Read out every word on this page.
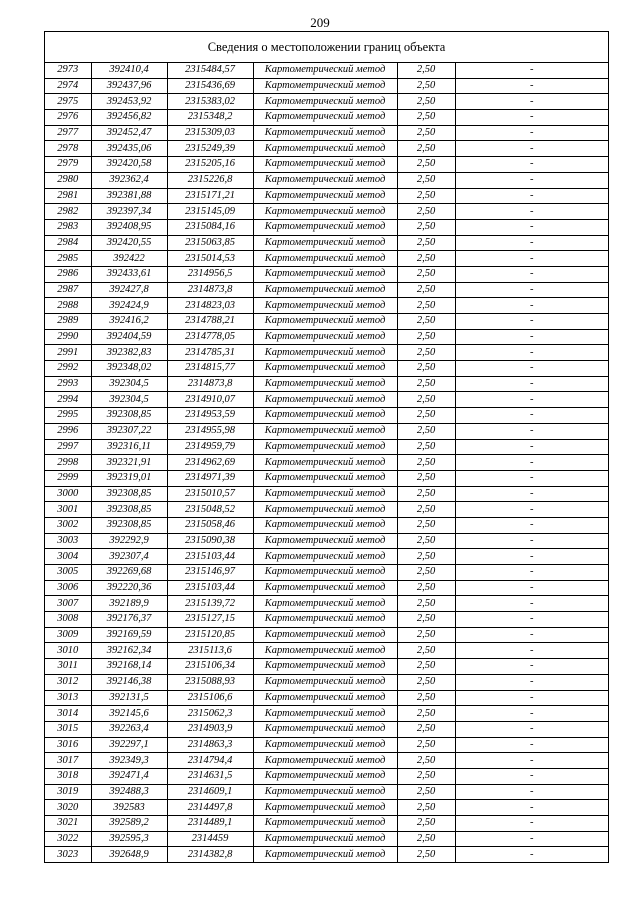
209
Сведения о местоположении границ объекта
2973	392410,4	2315484,57	Картометрический метод	2,50	-
2974	392437,96	2315436,69	Картометрический метод	2,50	-
2975	392453,92	2315383,02	Картометрический метод	2,50	-
2976	392456,82	2315348,2	Картометрический метод	2,50	-
2977	392452,47	2315309,03	Картометрический метод	2,50	-
2978	392435,06	2315249,39	Картометрический метод	2,50	-
2979	392420,58	2315205,16	Картометрический метод	2,50	-
2980	392362,4	2315226,8	Картометрический метод	2,50	-
2981	392381,88	2315171,21	Картометрический метод	2,50	-
2982	392397,34	2315145,09	Картометрический метод	2,50	-
2983	392408,95	2315084,16	Картометрический метод	2,50	-
2984	392420,55	2315063,85	Картометрический метод	2,50	-
2985	392422	2315014,53	Картометрический метод	2,50	-
2986	392433,61	2314956,5	Картометрический метод	2,50	-
2987	392427,8	2314873,8	Картометрический метод	2,50	-
2988	392424,9	2314823,03	Картометрический метод	2,50	-
2989	392416,2	2314788,21	Картометрический метод	2,50	-
2990	392404,59	2314778,05	Картометрический метод	2,50	-
2991	392382,83	2314785,31	Картометрический метод	2,50	-
2992	392348,02	2314815,77	Картометрический метод	2,50	-
2993	392304,5	2314873,8	Картометрический метод	2,50	-
2994	392304,5	2314910,07	Картометрический метод	2,50	-
2995	392308,85	2314953,59	Картометрический метод	2,50	-
2996	392307,22	2314955,98	Картометрический метод	2,50	-
2997	392316,11	2314959,79	Картометрический метод	2,50	-
2998	392321,91	2314962,69	Картометрический метод	2,50	-
2999	392319,01	2314971,39	Картометрический метод	2,50	-
3000	392308,85	2315010,57	Картометрический метод	2,50	-
3001	392308,85	2315048,52	Картометрический метод	2,50	-
3002	392308,85	2315058,46	Картометрический метод	2,50	-
3003	392292,9	2315090,38	Картометрический метод	2,50	-
3004	392307,4	2315103,44	Картометрический метод	2,50	-
3005	392269,68	2315146,97	Картометрический метод	2,50	-
3006	392220,36	2315103,44	Картометрический метод	2,50	-
3007	392189,9	2315139,72	Картометрический метод	2,50	-
3008	392176,37	2315127,15	Картометрический метод	2,50	-
3009	392169,59	2315120,85	Картометрический метод	2,50	-
3010	392162,34	2315113,6	Картометрический метод	2,50	-
3011	392168,14	2315106,34	Картометрический метод	2,50	-
3012	392146,38	2315088,93	Картометрический метод	2,50	-
3013	392131,5	2315106,6	Картометрический метод	2,50	-
3014	392145,6	2315062,3	Картометрический метод	2,50	-
3015	392263,4	2314903,9	Картометрический метод	2,50	-
3016	392297,1	2314863,3	Картометрический метод	2,50	-
3017	392349,3	2314794,4	Картометрический метод	2,50	-
3018	392471,4	2314631,5	Картометрический метод	2,50	-
3019	392488,3	2314609,1	Картометрический метод	2,50	-
3020	392583	2314497,8	Картометрический метод	2,50	-
3021	392589,2	2314489,1	Картометрический метод	2,50	-
3022	392595,3	2314459	Картометрический метод	2,50	-
3023	392648,9	2314382,8	Картометрический метод	2,50	-
